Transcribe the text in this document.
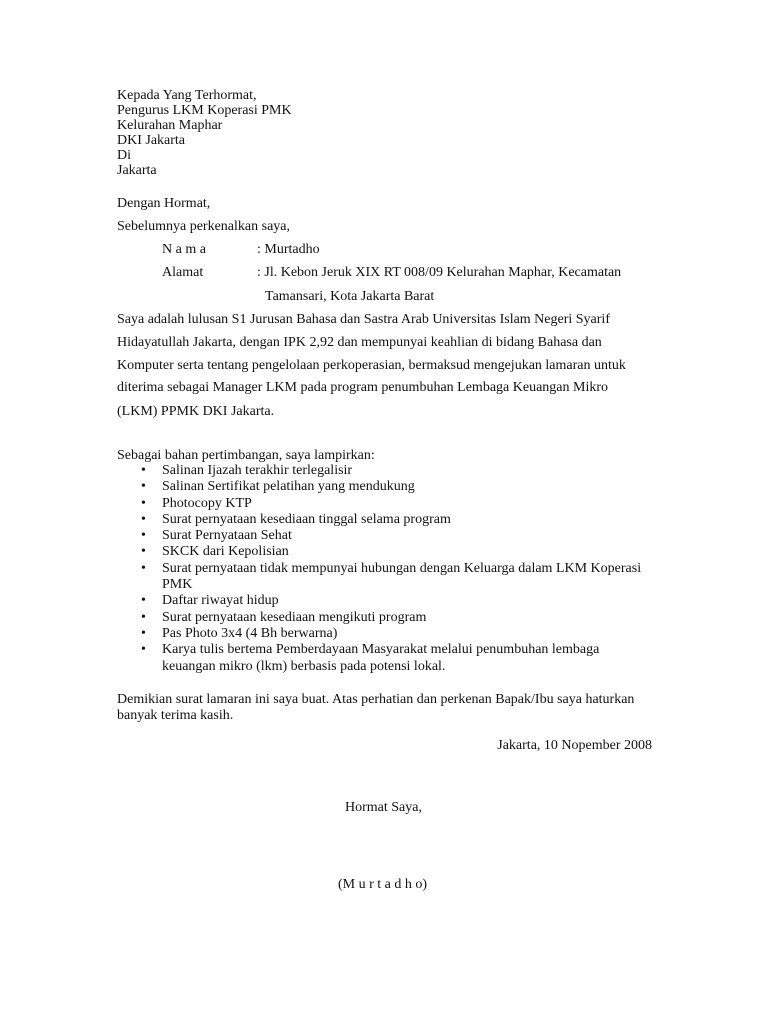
Kepada Yang Terhormat,
Pengurus LKM Koperasi PMK
Kelurahan Maphar
DKI Jakarta
Di
Jakarta
Dengan Hormat,
Sebelumnya perkenalkan saya,
N a m a	: Murtadho
Alamat	: Jl. Kebon Jeruk XIX RT 008/09 Kelurahan Maphar, Kecamatan
Tamansari, Kota Jakarta Barat
Saya adalah lulusan S1 Jurusan Bahasa dan Sastra Arab Universitas Islam Negeri Syarif
Hidayatullah Jakarta, dengan IPK 2,92 dan mempunyai keahlian di bidang Bahasa dan
Komputer serta tentang pengelolaan perkoperasian, bermaksud mengejukan lamaran untuk
diterima sebagai Manager LKM pada program penumbuhan Lembaga Keuangan Mikro
(LKM) PPMK DKI Jakarta.
Sebagai bahan pertimbangan, saya lampirkan:
• Salinan Ijazah terakhir terlegalisir
• Salinan Sertifikat pelatihan yang mendukung
• Photocopy KTP
• Surat pernyataan kesediaan tinggal selama program
• Surat Pernyataan Sehat
• SKCK dari Kepolisian
• Surat pernyataan tidak mempunyai hubungan dengan Keluarga dalam LKM Koperasi
PMK
• Daftar riwayat hidup
• Surat pernyataan kesediaan mengikuti program
• Pas Photo 3x4 (4 Bh berwarna)
• Karya tulis bertema Pemberdayaan Masyarakat melalui penumbuhan lembaga
keuangan mikro (lkm) berbasis pada potensi lokal.
Demikian surat lamaran ini saya buat. Atas perhatian dan perkenan Bapak/Ibu saya haturkan
banyak terima kasih.
Jakarta, 10 Nopember 2008
Hormat Saya,
(M u r t a d h o)
